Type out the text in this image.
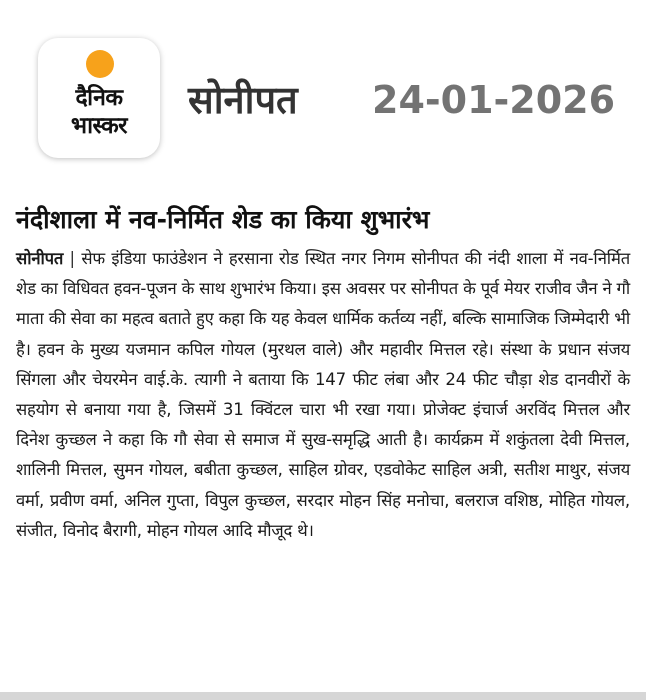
दैनिक
भास्कर
सोनीपत 24-01-2026
नंदीशाला में नव-निर्मित शेड का किया शुभारंभ

सोनीपत | सेफ इंडिया फाउंडेशन ने हरसाना रोड स्थित नगर निगम सोनीपत की नंदी शाला में नव-निर्मित शेड का विधिवत हवन-पूजन के साथ शुभारंभ किया। इस अवसर पर सोनीपत के पूर्व मेयर राजीव जैन ने गौ माता की सेवा का महत्व बताते हुए कहा कि यह केवल धार्मिक कर्तव्य नहीं, बल्कि सामाजिक जिम्मेदारी भी है। हवन के मुख्य यजमान कपिल गोयल (मुरथल वाले) और महावीर मित्तल रहे। संस्था के प्रधान संजय सिंगला और चेयरमेन वाई.के. त्यागी ने बताया कि 147 फीट लंबा और 24 फीट चौड़ा शेड दानवीरों के सहयोग से बनाया गया है, जिसमें 31 क्विंटल चारा भी रखा गया। प्रोजेक्ट इंचार्ज अरविंद मित्तल और दिनेश कुच्छल ने कहा कि गौ सेवा से समाज में सुख-समृद्धि आती है। कार्यक्रम में शकुंतला देवी मित्तल, शालिनी मित्तल, सुमन गोयल, बबीता कुच्छल, साहिल ग्रोवर, एडवोकेट साहिल अत्री, सतीश माथुर, संजय वर्मा, प्रवीण वर्मा, अनिल गुप्ता, विपुल कुच्छल, सरदार मोहन सिंह मनोचा, बलराज वशिष्ठ, मोहित गोयल, संजीत, विनोद बैरागी, मोहन गोयल आदि मौजूद थे।
